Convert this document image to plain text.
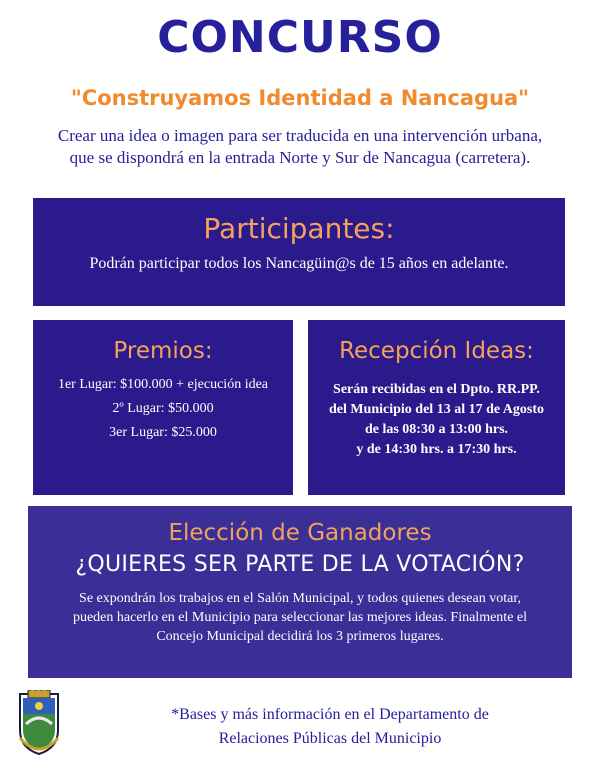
CONCURSO
"Construyamos Identidad a Nancagua"
Crear una idea o imagen para ser traducida en una intervención urbana,
que se dispondrá en la entrada Norte y Sur de Nancagua (carretera).
Participantes:
Podrán participar todos los Nancagüin@s de 15 años en adelante.
Premios:
1er Lugar: $100.000 + ejecución idea
2º Lugar: $50.000
3er Lugar: $25.000
Recepción Ideas:
Serán recibidas en el Dpto. RR.PP.
del Municipio del 13 al 17 de Agosto
de las 08:30 a 13:00 hrs.
y de 14:30 hrs. a 17:30 hrs.
Elección de Ganadores
¿QUIERES SER PARTE DE LA VOTACIÓN?
Se expondrán los trabajos en el Salón Municipal, y todos quienes desean votar, pueden hacerlo en el Municipio para seleccionar las mejores ideas. Finalmente el Concejo Municipal decidirá los 3 primeros lugares.
*Bases y más información en el Departamento de
Relaciones Públicas del Municipio
